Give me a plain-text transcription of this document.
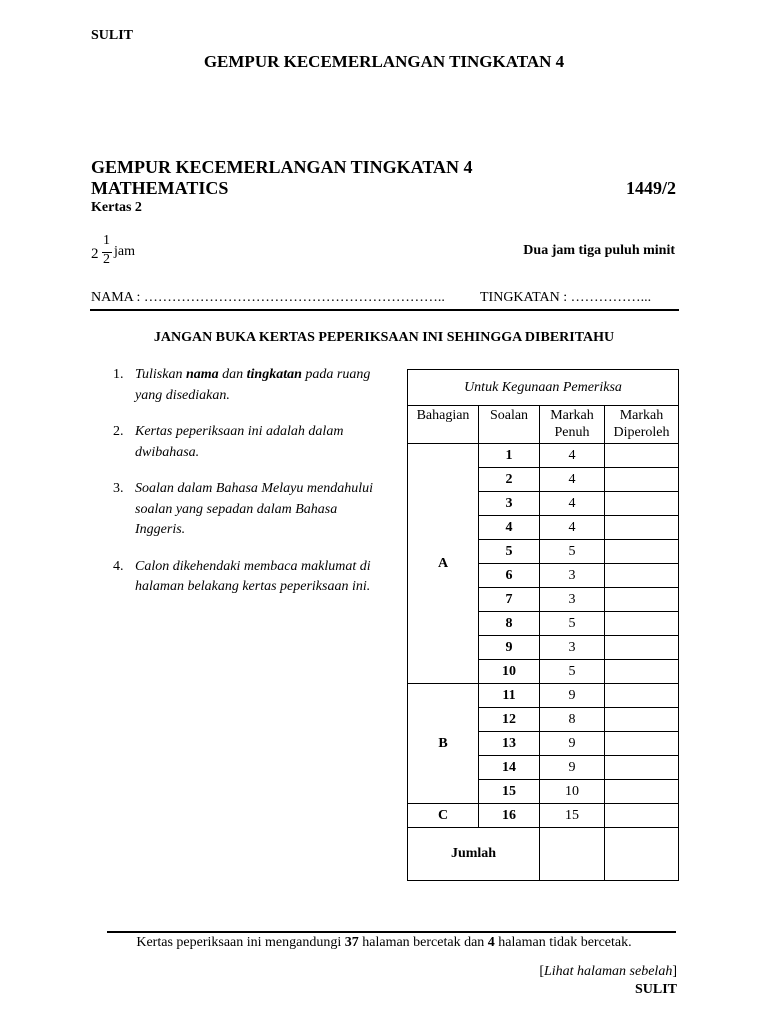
SULIT
GEMPUR KECEMERLANGAN TINGKATAN 4
GEMPUR KECEMERLANGAN TINGKATAN 4
MATHEMATICS	1449/2
Kertas 2
2
1
2
jam	Dua jam tiga puluh minit
NAMA : ………………………………………………………..	TINGKATAN : ……………...
JANGAN BUKA KERTAS PEPERIKSAAN INI SEHINGGA DIBERITAHU
1. Tuliskan nama dan tingkatan pada ruang yang disediakan.
2. Kertas peperiksaan ini adalah dalam dwibahasa.
3. Soalan dalam Bahasa Melayu mendahului soalan yang sepadan dalam Bahasa Inggeris.
4. Calon dikehendaki membaca maklumat di halaman belakang kertas peperiksaan ini.
Untuk Kegunaan Pemeriksa			
Bahagian	Soalan	Markah Penuh	Markah Diperoleh
A	1	4	
	2	4	
	3	4	
	4	4	
	5	5	
	6	3	
	7	3	
	8	5	
	9	3	
	10	5	
B	11	9	
	12	8	
	13	9	
	14	9	
	15	10	
C	16	15	
Jumlah			
Kertas peperiksaan ini mengandungi 37 halaman bercetak dan 4 halaman tidak bercetak.
[Lihat halaman sebelah]
SULIT
